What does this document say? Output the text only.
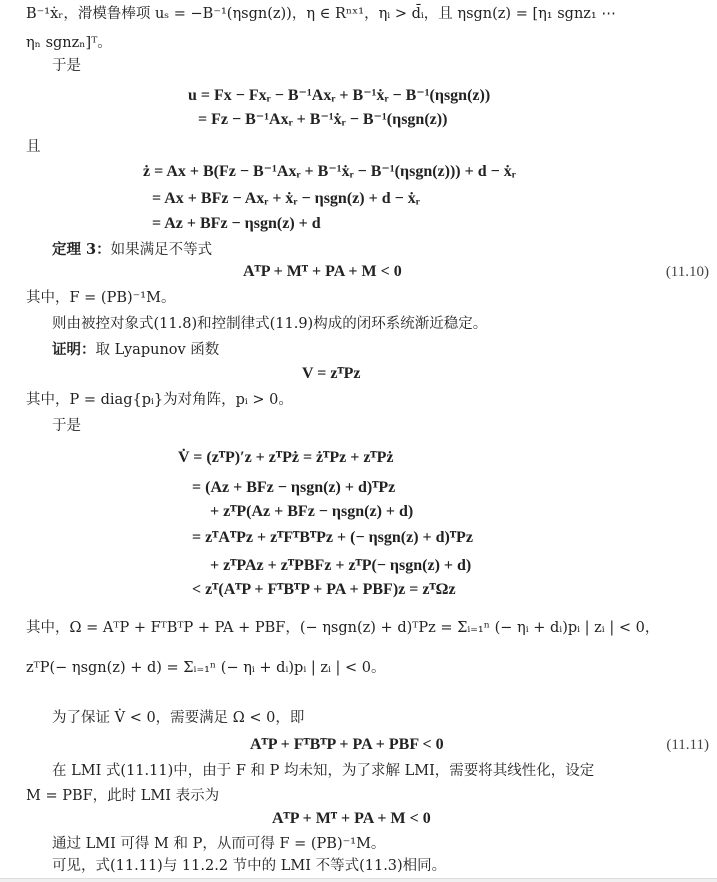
B⁻¹ẋᵣ，滑模鲁棒项 uₛ = −B⁻¹(ηsgn(z))，η ∈ Rⁿˣ¹，ηᵢ > d̄ᵢ，且 ηsgn(z) = [η₁ sgnz₁ ⋯
ηₙ sgnzₙ]ᵀ。
于是
u = Fx − Fxᵣ − B⁻¹Axᵣ + B⁻¹ẋᵣ − B⁻¹(ηsgn(z))
= Fz − B⁻¹Axᵣ + B⁻¹ẋᵣ − B⁻¹(ηsgn(z))
且
ż = Ax + B(Fz − B⁻¹Axᵣ + B⁻¹ẋᵣ − B⁻¹(ηsgn(z))) + d − ẋᵣ
= Ax + BFz − Axᵣ + ẋᵣ − ηsgn(z) + d − ẋᵣ
= Az + BFz − ηsgn(z) + d
定理 3：如果满足不等式
AᵀP + Mᵀ + PA + M < 0	(11.10)
其中，F = (PB)⁻¹M。
则由被控对象式(11.8)和控制律式(11.9)构成的闭环系统渐近稳定。
证明：取 Lyapunov 函数
V = zᵀPz
其中，P = diag{pᵢ}为对角阵，pᵢ > 0。
于是
V̇ = (zᵀP)′z + zᵀPż = żᵀPz + zᵀPż
= (Az + BFz − ηsgn(z) + d)ᵀPz
+ zᵀP(Az + BFz − ηsgn(z) + d)
= zᵀAᵀPz + zᵀFᵀBᵀPz + (− ηsgn(z) + d)ᵀPz
+ zᵀPAz + zᵀPBFz + zᵀP(− ηsgn(z) + d)
< zᵀ(AᵀP + FᵀBᵀP + PA + PBF)z = zᵀΩz
其中，Ω = AᵀP + FᵀBᵀP + PA + PBF，(− ηsgn(z) + d)ᵀPz = Σᵢ₌₁ⁿ (− ηᵢ + dᵢ)pᵢ | zᵢ | < 0，
zᵀP(− ηsgn(z) + d) = Σᵢ₌₁ⁿ (− ηᵢ + dᵢ)pᵢ | zᵢ | < 0。
为了保证 V̇ < 0，需要满足 Ω < 0，即
AᵀP + FᵀBᵀP + PA + PBF < 0	(11.11)
在 LMI 式(11.11)中，由于 F 和 P 均未知，为了求解 LMI，需要将其线性化，设定
M = PBF，此时 LMI 表示为
AᵀP + Mᵀ + PA + M < 0
通过 LMI 可得 M 和 P，从而可得 F = (PB)⁻¹M。
可见，式(11.11)与 11.2.2 节中的 LMI 不等式(11.3)相同。
